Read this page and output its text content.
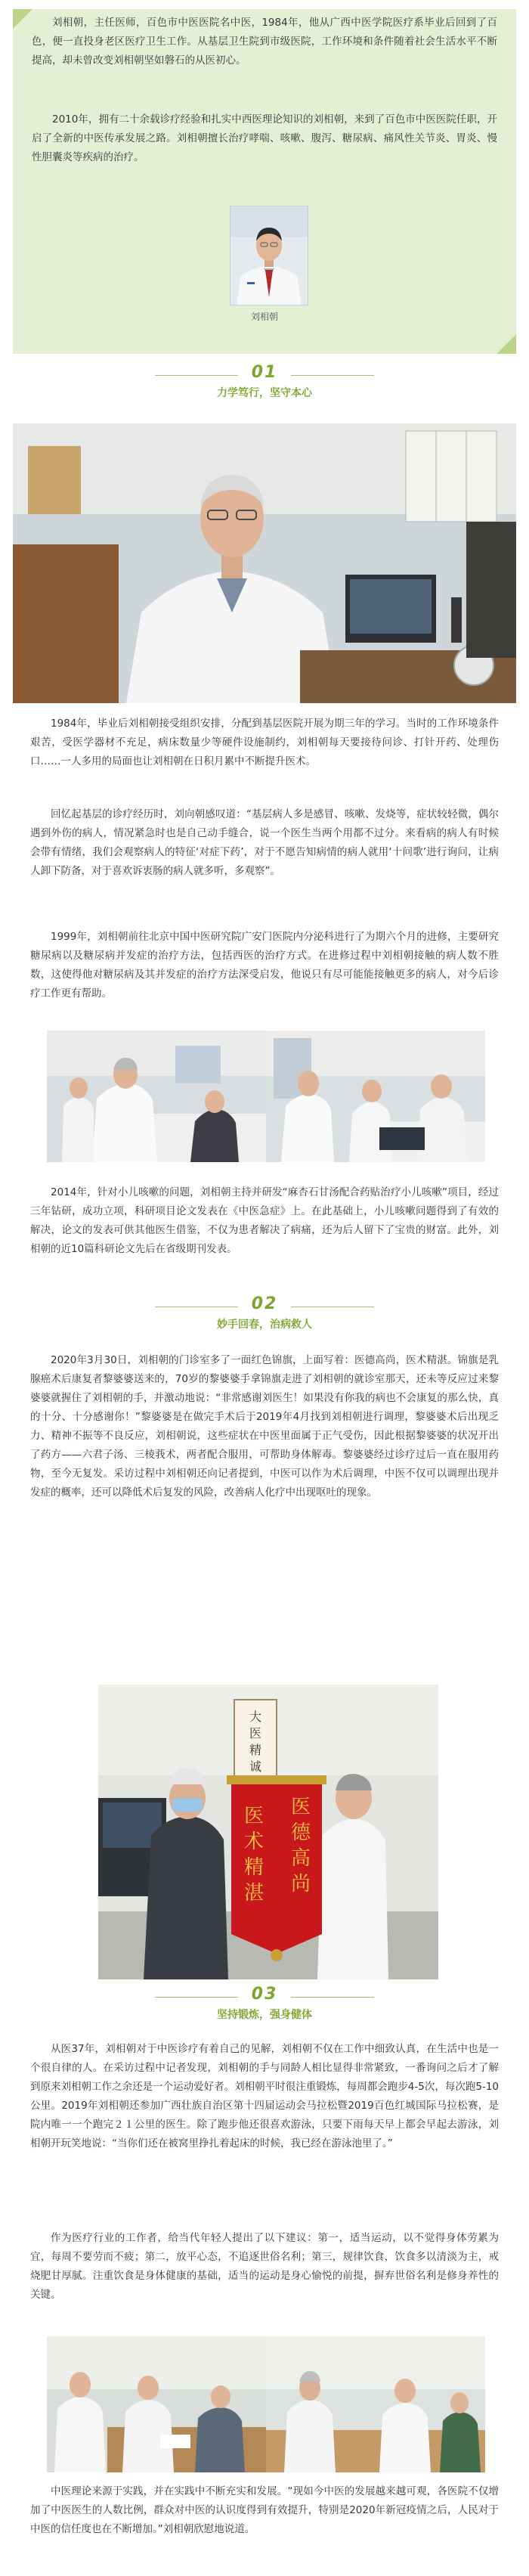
刘相朝，主任医师，百色市中医医院名中医，1984年，他从广西中医学院医疗系毕业后回到了百色，便一直投身老区医疗卫生工作。从基层卫生院到市级医院，工作环境和条件随着社会生活水平不断提高，却未曾改变刘相朝坚如磐石的从医初心。

2010年，拥有二十余载诊疗经验和扎实中西医理论知识的刘相朝，来到了百色市中医医院任职，开启了全新的中医传承发展之路。刘相朝擅长治疗哮喘、咳嗽、腹泻、糖尿病、痛风性关节炎、胃炎、慢性胆囊炎等疾病的治疗。

刘相朝
01
力学笃行，坚守本心

1984年，毕业后刘相朝接受组织安排，分配到基层医院开展为期三年的学习。当时的工作环境条件艰苦，受医学器材不充足，病床数量少等硬件设施制约，刘相朝每天要接待问诊、打针开药、处理伤口……一人多用的局面也让刘相朝在日积月累中不断提升医术。

回忆起基层的诊疗经历时，刘向朝感叹道：“基层病人多是感冒、咳嗽、发烧等，症状较轻微，偶尔遇到外伤的病人，情况紧急时也是自己动手缝合，说一个医生当两个用都不过分。来看病的病人有时候会带有情绪，我们会观察病人的特征‘对症下药’，对于不愿告知病情的病人就用‘十问歌’进行询问，让病人卸下防备，对于喜欢诉衷肠的病人就多听，多观察”。

1999年，刘相朝前往北京中国中医研究院广安门医院内分泌科进行了为期六个月的进修，主要研究糖尿病以及糖尿病并发症的治疗方法，包括西医的治疗方式。在进修过程中刘相朝接触的病人数不胜数，这使得他对糖尿病及其并发症的治疗方法深受启发，他说只有尽可能能接触更多的病人，对今后诊疗工作更有帮助。

2014年，针对小儿咳嗽的问题，刘相朝主持并研发“麻杏石甘汤配合药贴治疗小儿咳嗽”项目，经过三年钻研，成功立项，科研项目论文发表在《中医急症》上。在此基础上，小儿咳嗽问题得到了有效的解决，论文的发表可供其他医生借鉴，不仅为患者解决了病痛，还为后人留下了宝贵的财富。此外，刘相朝的近10篇科研论文先后在省级期刊发表。

02
妙手回春，治病救人

2020年3月30日，刘相朝的门诊室多了一面红色锦旗，上面写着：医德高尚，医术精湛。锦旗是乳腺癌术后康复者黎婆婆送来的，70岁的黎婆婆手拿锦旗走进了刘相朝的就诊室那天，还未等反应过来黎婆婆就握住了刘相朝的手，并激动地说：“非常感谢刘医生！如果没有你我的病也不会康复的那么快，真的十分、十分感谢你！”黎婆婆是在做完手术后于2019年4月找到刘相朝进行调理，黎婆婆术后出现乏力、精神不振等不良反应，刘相朝说，这些症状在中医里面属于正气受伤，因此根据黎婆婆的状况开出了药方——六君子汤、三棱莪术，两者配合服用，可帮助身体解毒。黎婆婆经过诊疗过后一直在服用药物，至今无复发。采访过程中刘相朝还向记者提到，中医可以作为术后调理，中医不仅可以调理出现并发症的概率，还可以降低术后复发的风险，改善病人化疗中出现呕吐的现象。

大
医
精
诚
医
德
高
尚
医
术
精
湛
03
坚持锻炼，强身健体

从医37年，刘相朝对于中医诊疗有着自己的见解，刘相朝不仅在工作中细致认真，在生活中也是一个很自律的人。在采访过程中记者发现，刘相朝的手与同龄人相比显得非常紧致，一番询问之后才了解到原来刘相朝工作之余还是一个运动爱好者。刘相朝平时很注重锻炼，每周都会跑步4-5次，每次跑5-10公里。2019年刘相朝还参加广西壮族自治区第十四届运动会马拉松暨2019百色红城国际马拉松赛，是院内唯一一个跑完２１公里的医生。除了跑步他还很喜欢游泳，只要下雨每天早上都会早起去游泳，刘相朝开玩笑地说：“当你们还在被窝里挣扎着起床的时候，我已经在游泳池里了。”

作为医疗行业的工作者，给当代年轻人提出了以下建议：第一，适当运动，以不觉得身体劳累为宜，每周不要劳而不疲；第二，放平心态，不追逐世俗名利；第三，规律饮食，饮食多以清淡为主，戒烧肥甘厚腻。注重饮食是身体健康的基础，适当的运动是身心愉悦的前提，摒弃世俗名利是修身养性的关键。

中医理论来源于实践，并在实践中不断充实和发展。“现如今中医的发展越来越可观，各医院不仅增加了中医医生的人数比例，群众对中医的认识度得到有效提升，特别是2020年新冠疫情之后，人民对于中医的信任度也在不断增加。”刘相朝欣慰地说道。
